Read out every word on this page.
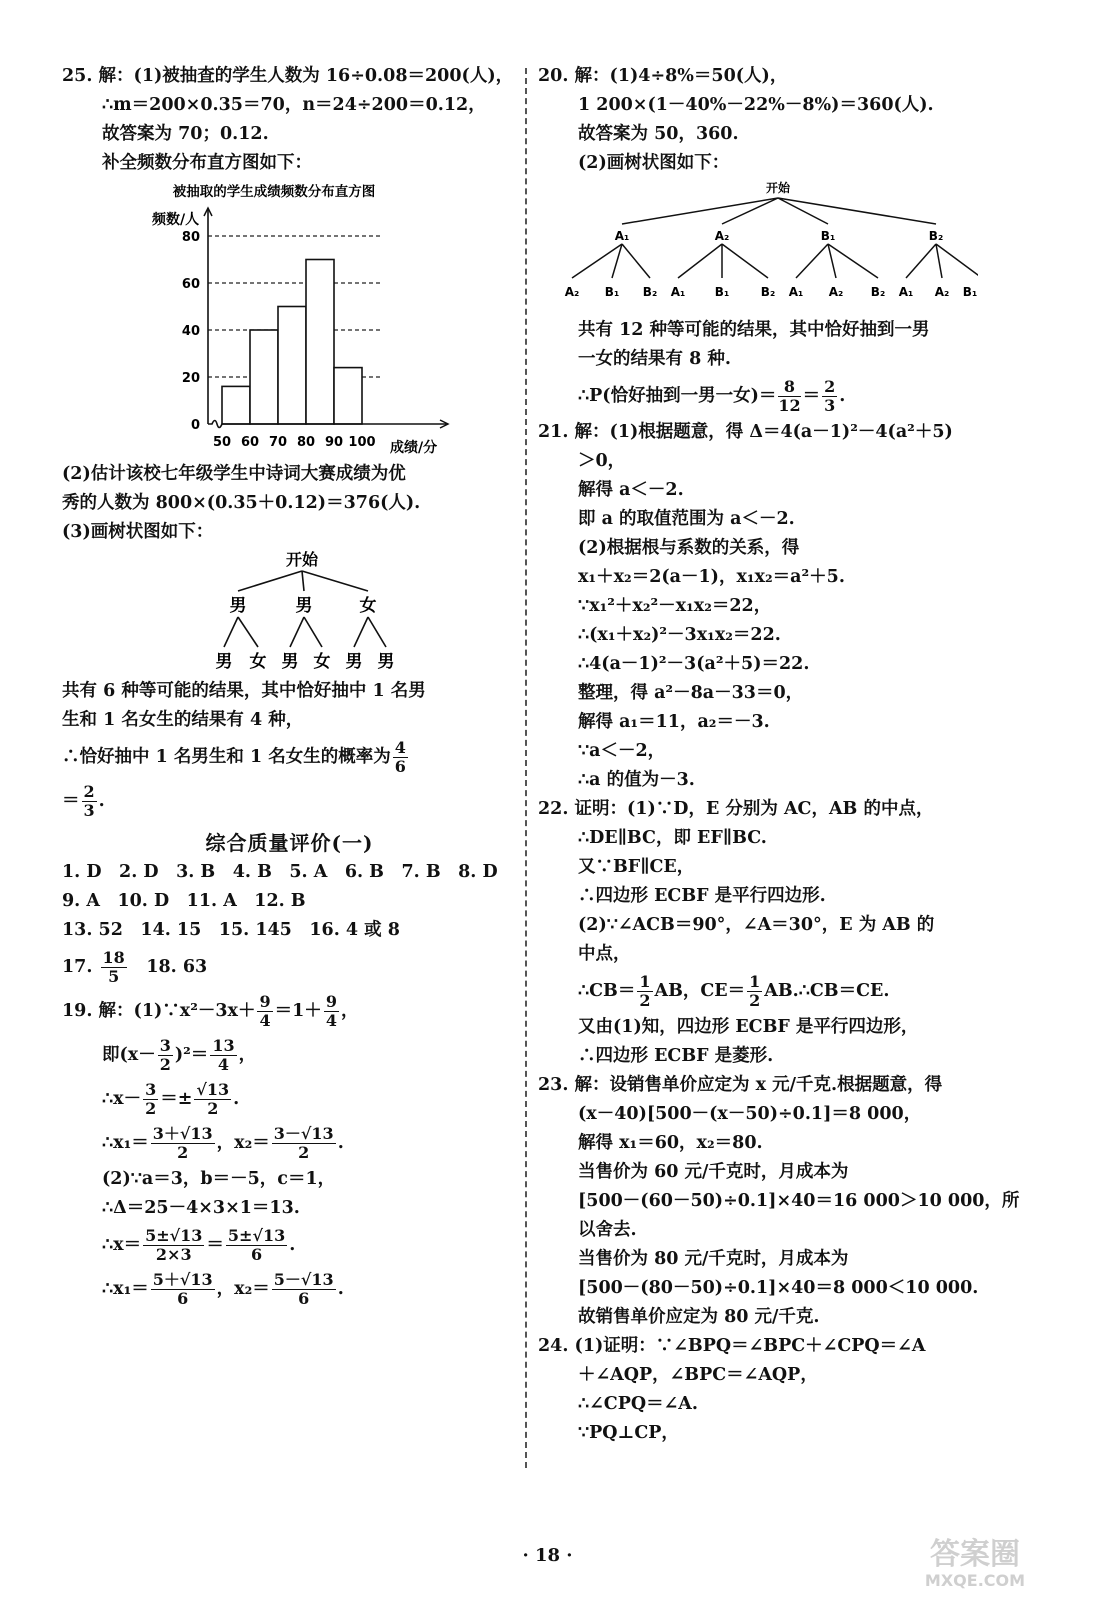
25. 解：(1)被抽查的学生人数为 16÷0.08＝200(人)，
∴m＝200×0.35＝70，n＝24÷200＝0.12，
故答案为 70；0.12.
补全频数分布直方图如下：
被抽取的学生成绩频数分布直方图
频数/人
成绩/分
0
20
40
60
80
50 60 70 80 90 100
(2)估计该校七年级学生中诗词大赛成绩为优
秀的人数为 800×(0.35＋0.12)＝376(人).
(3)画树状图如下：
开始
男	男	女
男 女 男 女 男 男
共有 6 种等可能的结果，其中恰好抽中 1 名男
生和 1 名女生的结果有 4 种，
∴恰好抽中 1 名男生和 1 名女生的概率为 $\frac{4}{6}$
＝ $\frac{2}{3}$ .
综合质量评价(一)
1. D　2. D　3. B　4. B　5. A　6. B　7. B　8. D
9. A　10. D　11. A　12. B
13. 52　14. 15　15. 145　16. 4 或 8
17. $\frac{18}{5}$
　 18. 63
19. 解：(1)∵x²－3x＋ $\frac{9}{4} =1+ \frac{9}{4}$ ，
即$(x- \frac{3}{2} )^2= \frac{13}{4}$ ，
∴x－ $\frac{3}{2} =\pm \frac{√13}{2}$ .
∴x₁＝ $\frac{3+√13}{2}$ ，$x_2= \frac{3-√13}{2}$ .
(2)∵a＝3，b＝－5，c＝1，
∴Δ＝25－4×3×1＝13.
∴x＝ $\frac{5\pm√13}{2\times 3} = \frac{5\pm√13}{6}$ .
∴x₁＝ $\frac{5+√13}{6}$ ，$x_2= \frac{5-√13}{6}$ .
20. 解：(1)4÷8%＝50(人)，
1 200×(1－40%－22%－8%)＝360(人).
故答案为 50，360.
(2)画树状图如下：
开始
A₁	A₂	B₁	B₂
A₂ B₁ B₂ A₁ B₁	B₂ A₁ A₂ B₂ A₁ A₂ B₁
共有 12 种等可能的结果，其中恰好抽到一男
一女的结果有 8 种.
∴P(恰好抽到一男一女)＝ $\frac{8}{12} = \frac{2}{3}$ .
21. 解：(1)根据题意，得 Δ＝4(a－1)²－4(a²＋5)
＞0，
解得 a＜－2.
即 a 的取值范围为 a＜－2.
(2)根据根与系数的关系，得
x₁＋x₂＝2(a－1)，x₁x₂＝a²＋5.
∵x₁²＋x₂²－x₁x₂＝22，
∴(x₁＋x₂)²－3x₁x₂＝22.
∴4(a－1)²－3(a²＋5)＝22.
整理，得 a²－8a－33＝0，
解得 a₁＝11，a₂＝－3.
∵a＜－2，
∴a 的值为－3.
22. 证明：(1)∵D，E 分别为 AC，AB 的中点，
∴DE∥BC，即 EF∥BC.
又∵BF∥CE，
∴四边形 ECBF 是平行四边形.
(2)∵∠ACB＝90°，∠A＝30°，E 为 AB 的
中点，
∴CB＝ $\frac{1}{2}$ AB，$CE= \frac{1}{2}$ AB.∴CB＝CE.
又由(1)知，四边形 ECBF 是平行四边形，
∴四边形 ECBF 是菱形.
23. 解：设销售单价应定为 x 元/千克.根据题意，得
(x－40)[500－(x－50)÷0.1]＝8 000，
解得 x₁＝60，x₂＝80.
当售价为 60 元/千克时，月成本为
[500－(60－50)÷0.1]×40＝16 000＞10 000，所
以舍去.
当售价为 80 元/千克时，月成本为
[500－(80－50)÷0.1]×40＝8 000＜10 000.
故销售单价应定为 80 元/千克.
24. (1)证明：∵∠BPQ＝∠BPC＋∠CPQ＝∠A
＋∠AQP，∠BPC＝∠AQP，
∴∠CPQ＝∠A.
∵PQ⊥CP，
· 18 ·	答案圈
MXQE.COM
